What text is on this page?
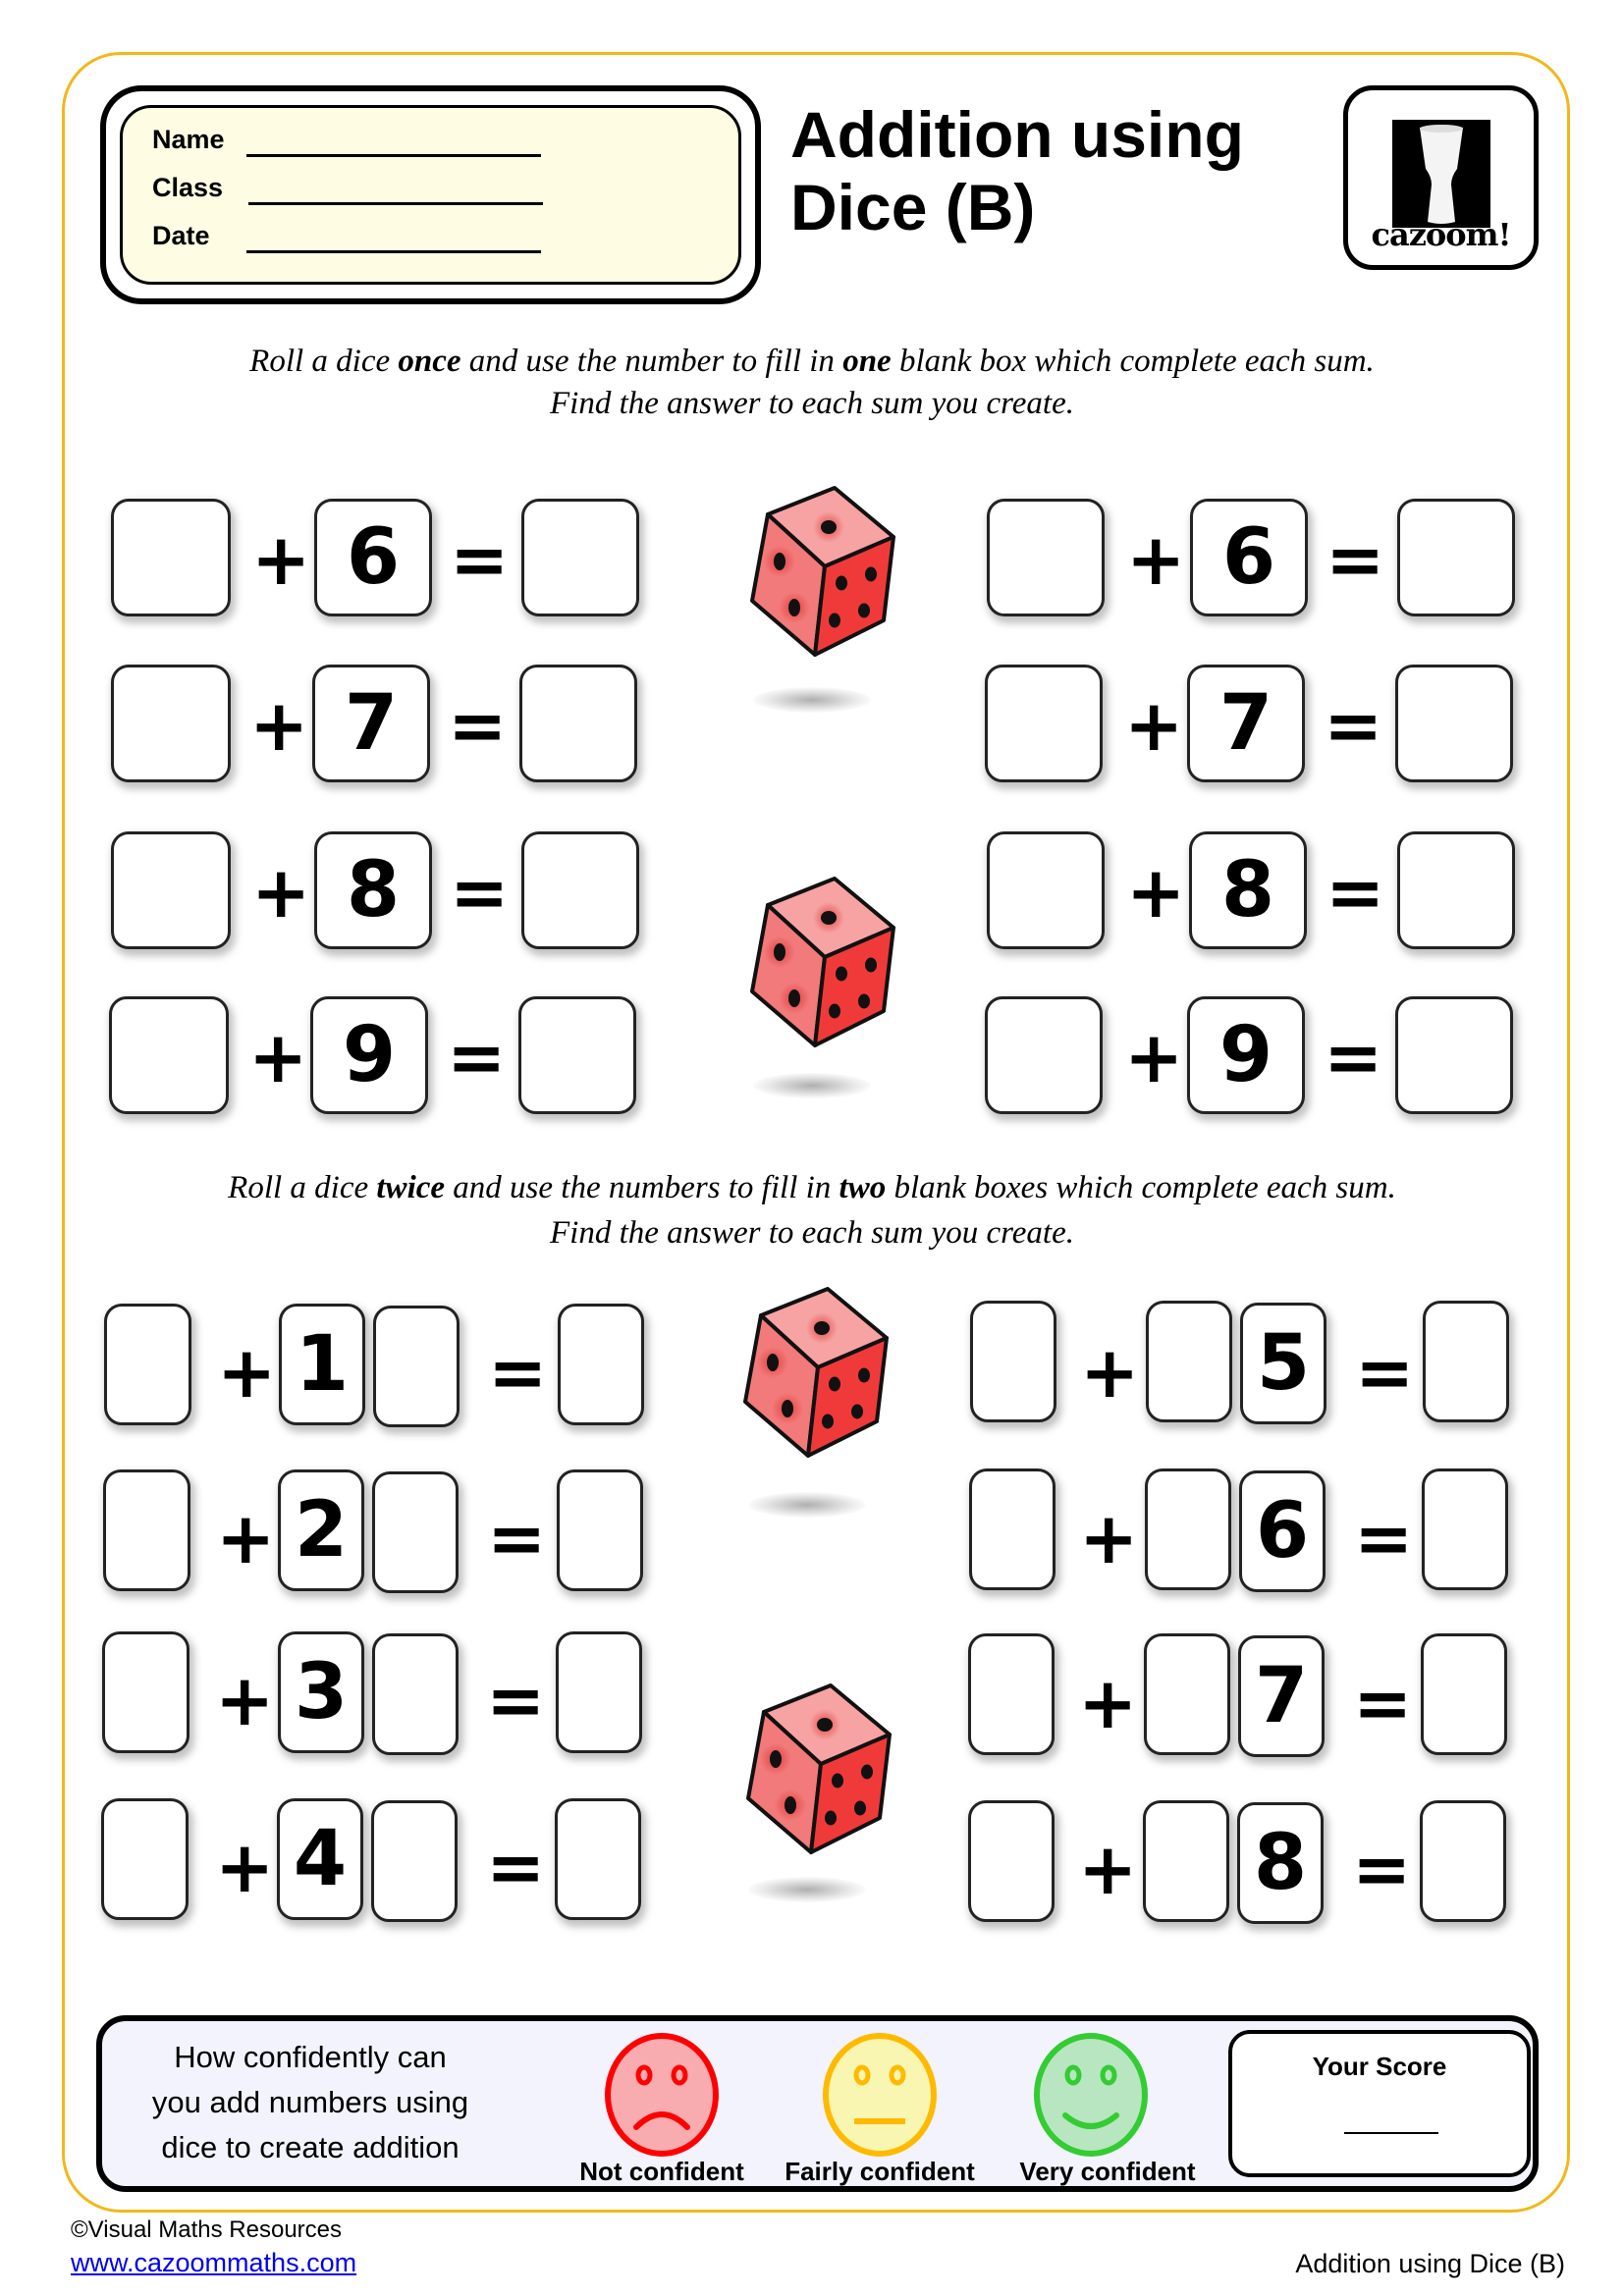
Name
Class
Date
Addition using
Dice (B)	cazoom!
Roll a dice once and use the number to fill in one blank box which complete each sum.
Find the answer to each sum you create.
+ 6 =
+ 7 =
+ 8 =
+ 9 =
+ 6 =
+ 7 =
+ 8 =
+ 9 =
Roll a dice twice and use the numbers to fill in two blank boxes which complete each sum.
Find the answer to each sum you create.
+ 1 =
+ 2 =
+ 3 =
+ 4 =
+ 5 =
+ 6 =
+ 7 =
+ 8 =
How confidently can
you add numbers using
dice to create addition
Not confident Fairly confident Very confident
Your Score
©Visual Maths Resources
www.cazoommaths.com	Addition using Dice (B)
